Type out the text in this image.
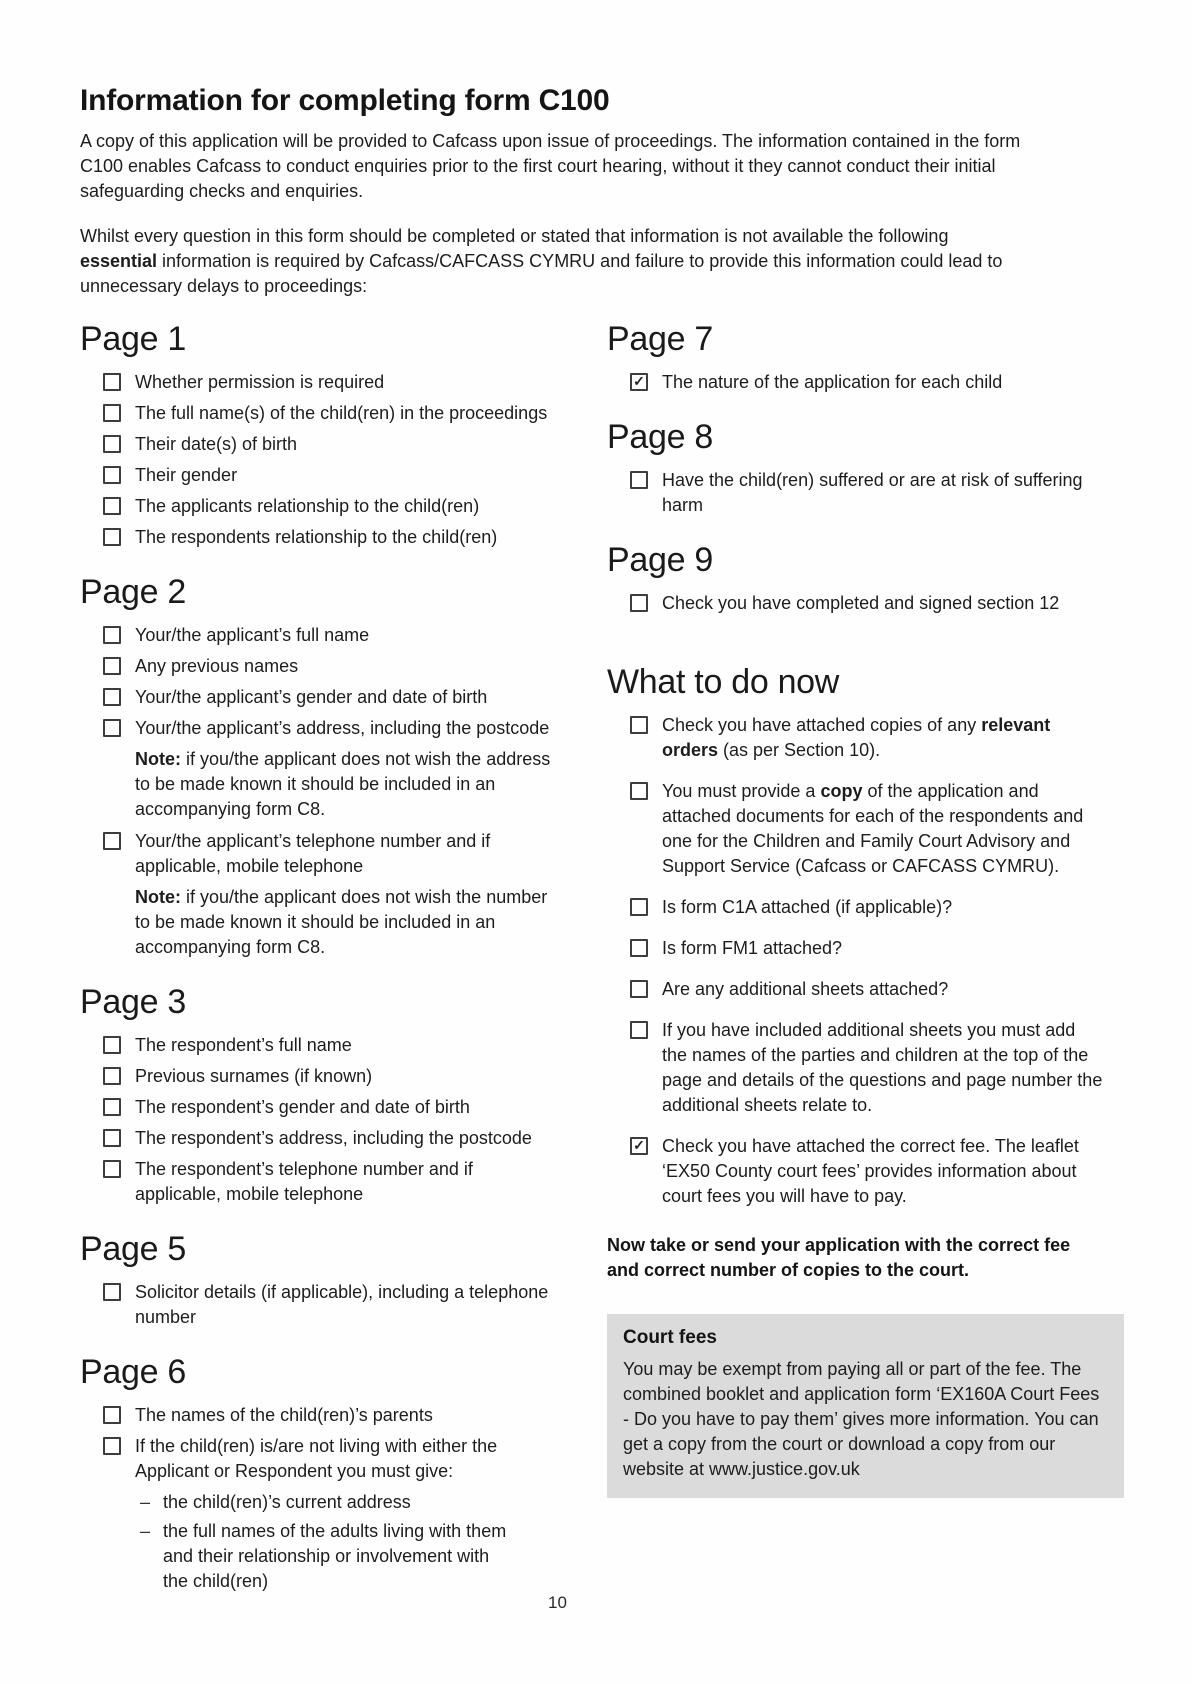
Information for completing form C100

A copy of this application will be provided to Cafcass upon issue of proceedings. The information contained in the form C100 enables Cafcass to conduct enquiries prior to the first court hearing, without it they cannot conduct their initial safeguarding checks and enquiries.

Whilst every question in this form should be completed or stated that information is not available the following essential information is required by Cafcass/CAFCASS CYMRU and failure to provide this information could lead to unnecessary delays to proceedings:

Page 1
Whether permission is required
The full name(s) of the child(ren) in the proceedings
Their date(s) of birth
Their gender
The applicants relationship to the child(ren)
The respondents relationship to the child(ren)
Page 2
Your/the applicant’s full name
Any previous names
Your/the applicant’s gender and date of birth
Your/the applicant’s address, including the postcode
Note: if you/the applicant does not wish the address to be made known it should be included in an accompanying form C8.
Your/the applicant’s telephone number and if applicable, mobile telephone
Note: if you/the applicant does not wish the number to be made known it should be included in an accompanying form C8.
Page 3
The respondent’s full name
Previous surnames (if known)
The respondent’s gender and date of birth
The respondent’s address, including the postcode
The respondent’s telephone number and if applicable, mobile telephone
Page 5
Solicitor details (if applicable), including a telephone number
Page 6
The names of the child(ren)’s parents
If the child(ren) is/are not living with either the Applicant or Respondent you must give:
– the child(ren)’s current address
– the full names of the adults living with them and their relationship or involvement with the child(ren)
Page 7
✓ The nature of the application for each child
Page 8
Have the child(ren) suffered or are at risk of suffering harm
Page 9
Check you have completed and signed section 12
What to do now
Check you have attached copies of any relevant orders (as per Section 10).
You must provide a copy of the application and attached documents for each of the respondents and one for the Children and Family Court Advisory and Support Service (Cafcass or CAFCASS CYMRU).
Is form C1A attached (if applicable)?
Is form FM1 attached?
Are any additional sheets attached?
If you have included additional sheets you must add the names of the parties and children at the top of the page and details of the questions and page number the additional sheets relate to.
✓ Check you have attached the correct fee. The leaflet ‘EX50 County court fees’ provides information about court fees you will have to pay.
Now take or send your application with the correct fee and correct number of copies to the court.
Court fees
You may be exempt from paying all or part of the fee. The combined booklet and application form ‘EX160A Court Fees - Do you have to pay them’ gives more information. You can get a copy from the court or download a copy from our website at www.justice.gov.uk
10
